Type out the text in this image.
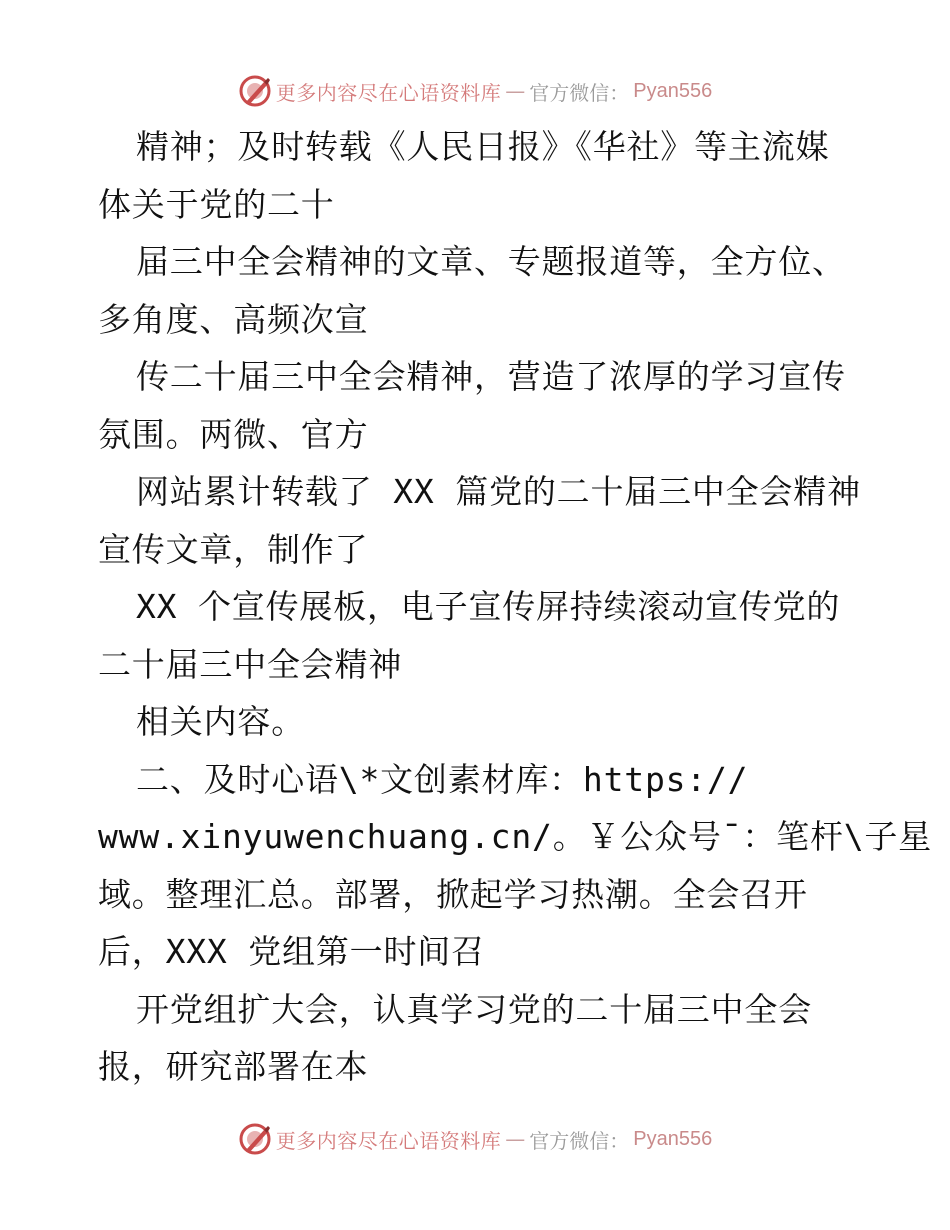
更多内容尽在心语资料库 — 官方微信： Pyan556
精神；及时转载《人民日报》《华社》等主流媒
体关于党的二十
届三中全会精神的文章、专题报道等，全方位、
多角度、高频次宣
传二十届三中全会精神，营造了浓厚的学习宣传
氛围。两微、官方
网站累计转载了 XX 篇党的二十届三中全会精神
宣传文章，制作了
XX 个宣传展板，电子宣传屏持续滚动宣传党的
二十届三中全会精神
相关内容。
二、及时心语\*文创素材库：https://
www.xinyuwenchuang.cn/。￥公众号¯：笔杆\子星
域。整理汇总。部署，掀起学习热潮。全会召开
后，XXX 党组第一时间召
开党组扩大会，认真学习党的二十届三中全会
报，研究部署在本
更多内容尽在心语资料库 — 官方微信： Pyan556
